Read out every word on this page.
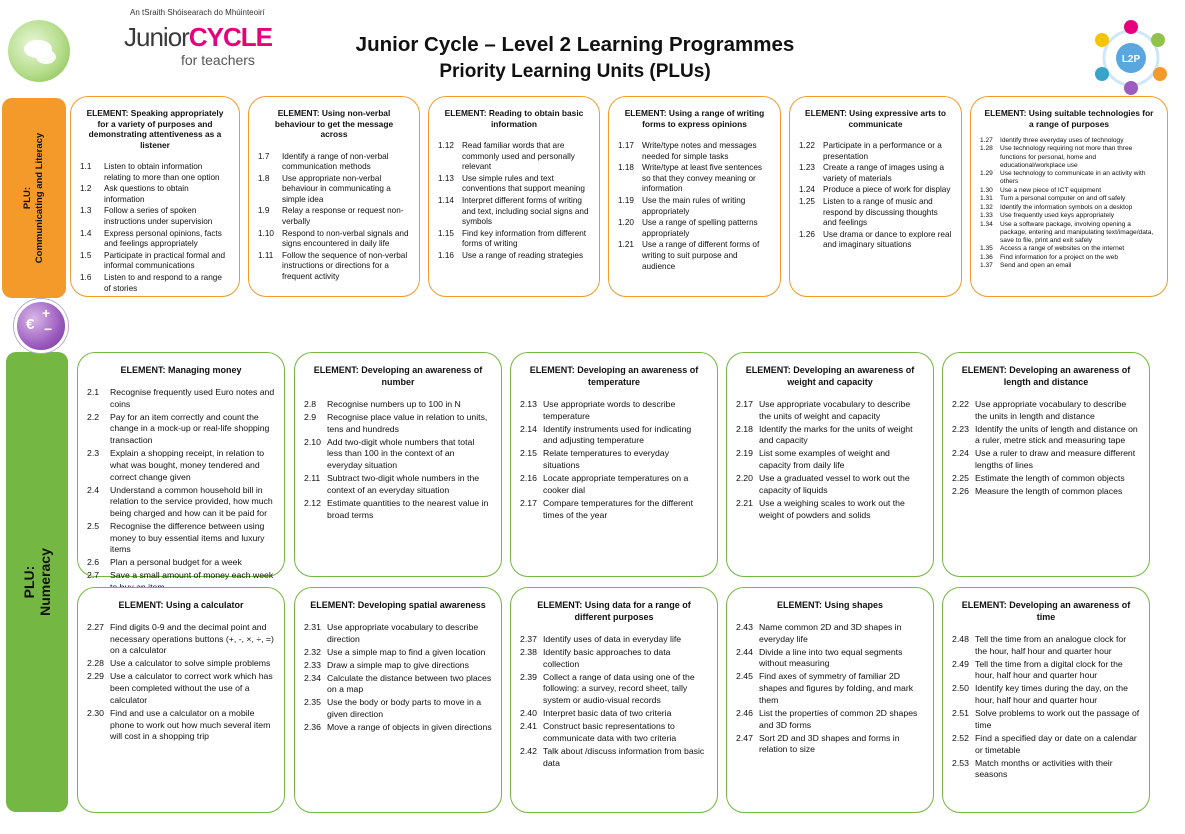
An tSraith Shóisearach do Mhúinteoirí
JuniorCYCLE
for teachers
Junior Cycle – Level 2 Learning Programmes
Priority Learning Units (PLUs)
L2P
PLU:
Communicating and Literacy
PLU:
Numeracy
€
+
−
ELEMENT: Speaking appropriately for a variety of purposes and demonstrating attentiveness as a listener
1.1	Listen to obtain information relating to more than one option
1.2	Ask questions to obtain information
1.3	Follow a series of spoken instructions under supervision
1.4	Express personal opinions, facts and feelings appropriately
1.5	Participate in practical formal and informal communications
1.6	Listen to and respond to a range of stories
ELEMENT: Using non-verbal behaviour to get the message across
1.7	Identify a range of non-verbal communication methods
1.8	Use appropriate non-verbal behaviour in communicating a simple idea
1.9	Relay a response or request non-verbally
1.10 Respond to non-verbal signals and signs encountered in daily life
1.11	Follow the sequence of non-verbal instructions or directions for a frequent activity
ELEMENT: Reading to obtain basic information
1.12 Read familiar words that are commonly used and personally relevant
1.13 Use simple rules and text conventions that support meaning
1.14 Interpret different forms of writing and text, including social signs and symbols
1.15 Find key information from different forms of writing
1.16 Use a range of reading strategies
ELEMENT: Using a range of writing forms to express opinions
1.17 Write/type notes and messages needed for simple tasks
1.18 Write/type at least five sentences so that they convey meaning or information
1.19 Use the main rules of writing appropriately
1.20 Use a range of spelling patterns appropriately
1.21 Use a range of different forms of writing to suit purpose and audience
ELEMENT: Using expressive arts to communicate
1.22 Participate in a performance or a presentation
1.23 Create a range of images using a variety of materials
1.24 Produce a piece of work for display
1.25 Listen to a range of music and respond by discussing thoughts and feelings
1.26 Use drama or dance to explore real and imaginary situations
ELEMENT: Using suitable technologies for a range of purposes
1.27	Identify three everyday uses of technology
1.28	Use technology requiring not more than three functions for personal, home and educational/workplace use
1.29	Use technology to communicate in an activity with others
1.30	Use a new piece of ICT equipment
1.31	Turn a personal computer on and off safely
1.32	Identify the information symbols on a desktop
1.33	Use frequently used keys appropriately
1.34	Use a software package, involving opening a package, entering and manipulating text/image/data, save to file, print and exit safely
1.35	Access a range of websites on the internet
1.36	Find information for a project on the web
1.37	Send and open an email
ELEMENT: Managing money
2.1	Recognise frequently used Euro notes and coins
2.2	Pay for an item correctly and count the change in a mock-up or real-life shopping transaction
2.3	Explain a shopping receipt, in relation to what was bought, money tendered and correct change given
2.4	Understand a common household bill in relation to the service provided, how much being charged and how can it be paid for
2.5	Recognise the difference between using money to buy essential items and luxury items
2.6	Plan a personal budget for a week
2.7	Save a small amount of money each week
ELEMENT: Developing an awareness of number
2.8	Recognise numbers up to 100 in N
2.9	Recognise place value in relation to units, tens and hundreds
2.10 Add two-digit whole numbers that total less than 100 in the context of an everyday situation
2.11 Subtract two-digit whole numbers in the context of an everyday situation
2.12 Estimate quantities to the nearest value in broad terms
ELEMENT: Developing an awareness of temperature
2.13 Use appropriate words to describe temperature
2.14 Identify instruments used for indicating and adjusting temperature
2.15 Relate temperatures to everyday situations
2.16 Locate appropriate temperatures on a cooker dial
2.17 Compare temperatures for the different times of the year
ELEMENT: Developing an awareness of weight and capacity
2.17 Use appropriate vocabulary to describe the units of weight and capacity
2.18 Identify the marks for the units of weight and capacity
2.19 List some examples of weight and capacity from daily life
2.20 Use a graduated vessel to work out the capacity of liquids
2.21 Use a weighing scales to work out the weight of powders and solids
ELEMENT: Developing an awareness of length and distance
2.22 Use appropriate vocabulary to describe the units in length and distance
2.23 Identify the units of length and distance on a ruler, metre stick and measuring tape
2.24 Use a ruler to draw and measure different lengths of lines
2.25 Estimate the length of common objects
2.26 Measure the length of common places
ELEMENT: Using a calculator
2.27 Find digits 0-9 and the decimal point and necessary operations buttons (+, -, ×, ÷, =) on a calculator
2.28 Use a calculator to solve simple problems
2.29 Use a calculator to correct work which has been completed without the use of a calculator
2.30 Find and use a calculator on a mobile phone to work out how much several item will cost in a shopping trip
ELEMENT: Developing spatial awareness
2.31 Use appropriate vocabulary to describe direction
2.32 Use a simple map to find a given location
2.33 Draw a simple map to give directions
2.34 Calculate the distance between two places on a map
2.35 Use the body or body parts to move in a given direction
2.36 Move a range of objects in given directions
ELEMENT: Using data for a range of different purposes
2.37 Identify uses of data in everyday life
2.38 Identify basic approaches to data collection
2.39 Collect a range of data using one of the following: a survey, record sheet, tally system or audio-visual records
2.40 Interpret basic data of two criteria
2.41 Construct basic representations to communicate data with two criteria
2.42 Talk about /discuss information from basic data
ELEMENT: Using shapes
2.43 Name common 2D and 3D shapes in everyday life
2.44 Divide a line into two equal segments without measuring
2.45 Find axes of symmetry of familiar 2D shapes and figures by folding, and mark them
2.46 List the properties of common 2D shapes and 3D forms
2.47 Sort 2D and 3D shapes and forms in relation to size
ELEMENT: Developing an awareness of time
2.48 Tell the time from an analogue clock for the hour, half hour and quarter hour
2.49 Tell the time from a digital clock for the hour, half hour and quarter hour
2.50 Identify key times during the day, on the hour, half hour and quarter hour
2.51 Solve problems to work out the passage of time
2.52 Find a specified day or date on a calendar or timetable
2.53 Match months or activities with their seasons
